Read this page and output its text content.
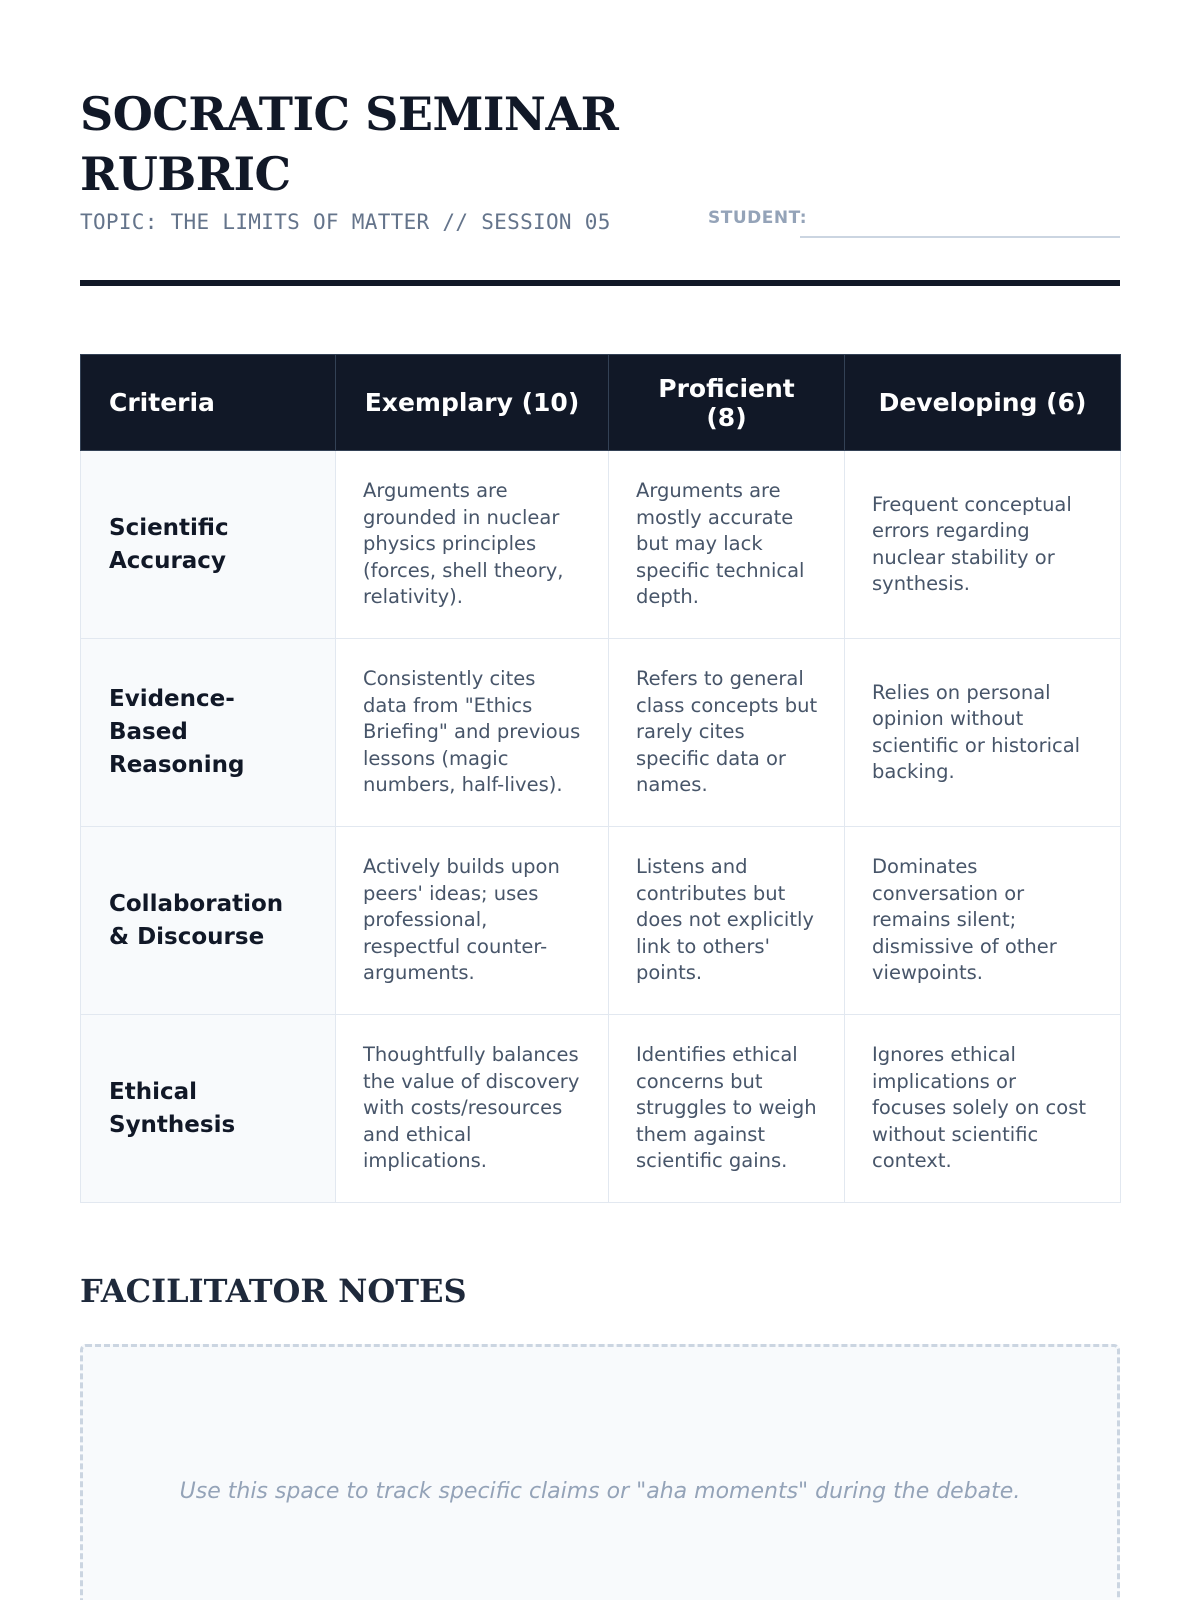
SOCRATIC SEMINAR RUBRIC
TOPIC: THE LIMITS OF MATTER // SESSION 05	STUDENT:
Criteria	Exemplary (10)	Proficient (8)	Developing (6)
Scientific Accuracy	Arguments are grounded in nuclear physics principles (forces, shell theory, relativity).	Arguments are mostly accurate but may lack specific technical depth.	Frequent conceptual errors regarding nuclear stability or synthesis.
Evidence-Based Reasoning	Consistently cites data from "Ethics Briefing" and previous lessons (magic numbers, half-lives).	Refers to general class concepts but rarely cites specific data or names.	Relies on personal opinion without scientific or historical backing.
Collaboration & Discourse	Actively builds upon peers' ideas; uses professional, respectful counter-arguments.	Listens and contributes but does not explicitly link to others' points.	Dominates conversation or remains silent; dismissive of other viewpoints.
Ethical Synthesis	Thoughtfully balances the value of discovery with costs/resources and ethical implications.	Identifies ethical concerns but struggles to weigh them against scientific gains.	Ignores ethical implications or focuses solely on cost without scientific context.
FACILITATOR NOTES

Use this space to track specific claims or "aha moments" during the debate.
